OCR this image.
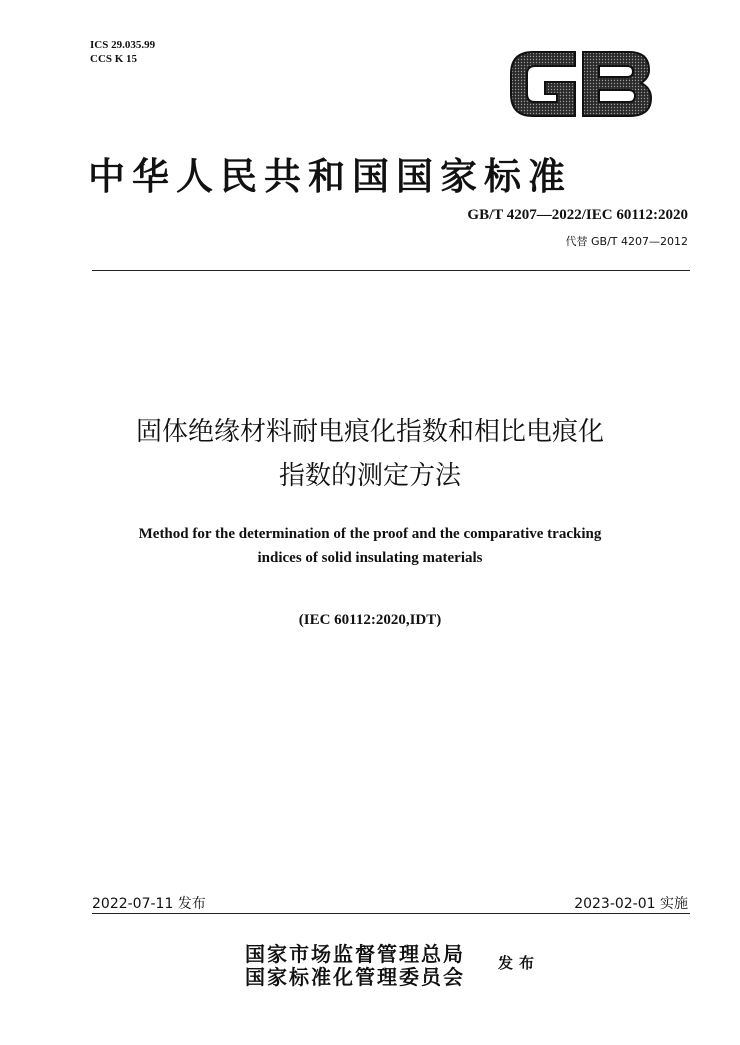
ICS 29.035.99
CCS K 15
中华人民共和国国家标准
GB/T 4207—2022/IEC 60112:2020
代替 GB/T 4207—2012
固体绝缘材料耐电痕化指数和相比电痕化
指数的测定方法
Method for the determination of the proof and the comparative tracking
indices of solid insulating materials
(IEC 60112:2020,IDT)
2022-07-11 发布	2023-02-01 实施
国家市场监督管理总局
国家标准化管理委员会
发布
